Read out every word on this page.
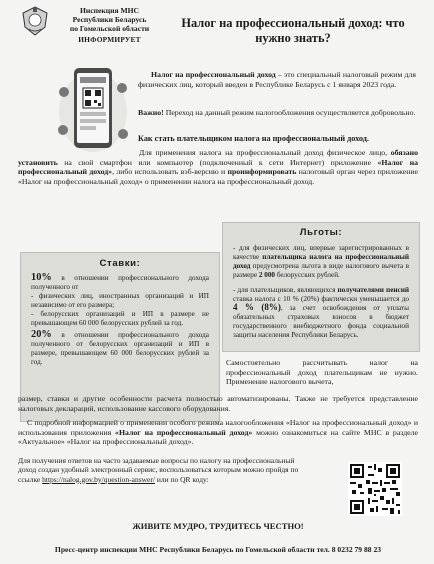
Инспекция МНС
Республики Беларусь
по Гомельской области
ИНФОРМИРУЕТ
Налог на профессиональный доход: что нужно знать?

Налог на профессиональный доход – это специальный налоговый режим для физических лиц, который введен в Республике Беларусь с 1 января 2023 года.

Важно! Переход на данный режим налогообложения осуществляется добровольно.

Как стать плательщиком налога на профессиональный доход.

Для применения налога на профессиональный доход физическое лицо, обязано установить на свой смартфон или компьютер (подключенный к сети Интернет) приложение «Налог на профессиональный доход», либо использовать вэб-версию и проинформировать налоговый орган через приложение «Налог на профессиональный доход» о применении налога на профессиональный доход.

Льготы:
- для физических лиц, впервые зарегистрированных в качестве плательщика налога на профессиональный доход предусмотрена льгота в виде налогового вычета в размере 2 000 белорусских рублей.
- для плательщиков, являющихся получателями пенсий ставка налога с 10 % (20%) фактически уменьшается до 4 % (8%), за счет освобождения от уплаты обязательных страховых взносов в бюджет государственного внебюджетного фонда социальной защиты населения Республики Беларусь.
Ставки:

10% в отношении профессионального дохода полученного от

- физических лиц, иностранных организаций и ИП независимо от его размера;

- белорусских организаций и ИП в размере не превышающем 60 000 белорусских рублей за год.

20% в отношении профессионального дохода полученного от белорусских организаций и ИП в размере, превышающем 60 000 белорусских рублей за год.	Самостоятельно рассчитывать налог на профессиональный доход плательщикам не нужно. Применение налогового вычета,

размер, ставки и другие особенности расчета полностью автоматизированы. Также не требуется представление налоговых деклараций, использование кассового оборудования.

С подробной информацией о применении особого режима налогообложения «Налог на профессиональный доход» и использования приложения «Налог на профессиональный доход» можно ознакомиться на сайте МНС в разделе «Актуальное» «Налог на профессиональный доход».

Для получения ответов на часто задаваемые вопросы по налогу на профессиональный доход создан удобный электронный сервис, воспользоваться которым можно пройдя по ссылке https://nalog.gov.by/question-answer/ или по QR коду:

ЖИВИТЕ МУДРО, ТРУДИТЕСЬ ЧЕСТНО!
Пресс-центр инспекции МНС Республики Беларусь по Гомельской области тел. 8 0232 79 88 23
